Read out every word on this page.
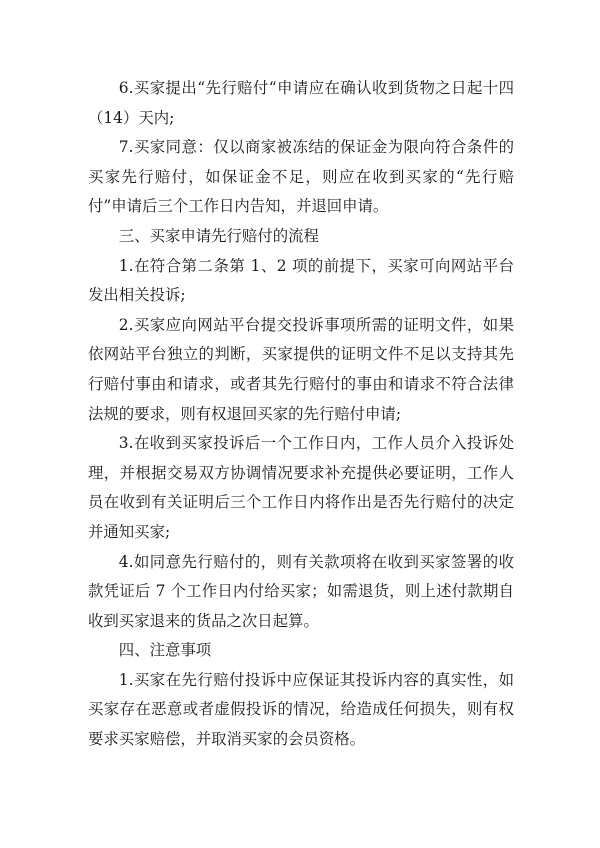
6.买家提出“先行赔付“申请应在确认收到货物之日起十四（14）天内;

7.买家同意：仅以商家被冻结的保证金为限向符合条件的买家先行赔付，如保证金不足，则应在收到买家的“先行赔付”申请后三个工作日内告知，并退回申请。

三、买家申请先行赔付的流程

1.在符合第二条第 1、2 项的前提下，买家可向网站平台发出相关投诉;

2.买家应向网站平台提交投诉事项所需的证明文件，如果依网站平台独立的判断，买家提供的证明文件不足以支持其先行赔付事由和请求，或者其先行赔付的事由和请求不符合法律法规的要求，则有权退回买家的先行赔付申请;

3.在收到买家投诉后一个工作日内，工作人员介入投诉处理，并根据交易双方协调情况要求补充提供必要证明，工作人员在收到有关证明后三个工作日内将作出是否先行赔付的决定并通知买家;

4.如同意先行赔付的，则有关款项将在收到买家签署的收款凭证后 7 个工作日内付给买家；如需退货，则上述付款期自收到买家退来的货品之次日起算。

四、注意事项

1.买家在先行赔付投诉中应保证其投诉内容的真实性，如买家存在恶意或者虚假投诉的情况，给造成任何损失，则有权要求买家赔偿，并取消买家的会员资格。
